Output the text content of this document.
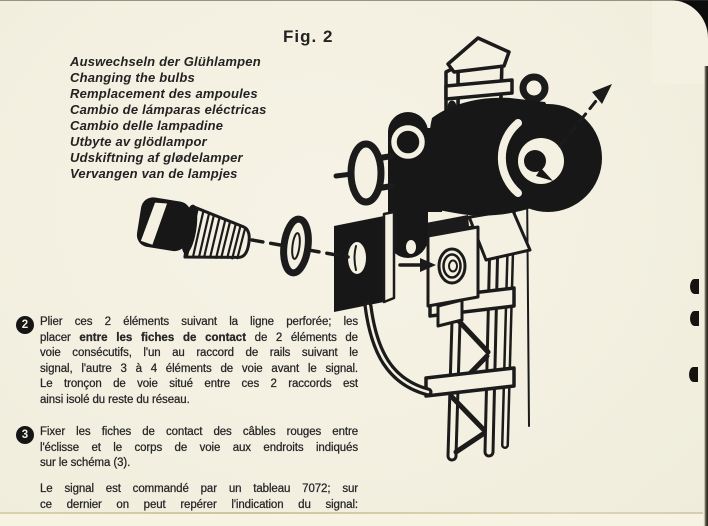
Fig. 2
Auswechseln der Glühlampen
Changing the bulbs
Remplacement des ampoules
Cambio de lámparas eléctricas
Cambio delle lampadine
Utbyte av glödlampor
Udskiftning af glødelamper
Vervangen van de lampjes
2	Plier ces 2 éléments suivant la ligne perforée; les
placer entre les fiches de contact de 2 éléments de
voie consécutifs, l'un au raccord de rails suivant le
signal, l'autre 3 à 4 éléments de voie avant le signal.
Le tronçon de voie situé entre ces 2 raccords est
ainsi isolé du reste du réseau.
3	Fixer les fiches de contact des câbles rouges entre
l'éclisse et le corps de voie aux endroits indiqués
sur le schéma (3).
Le signal est commandé par un tableau 7072; sur
ce dernier on peut repérer l'indication du signal:
